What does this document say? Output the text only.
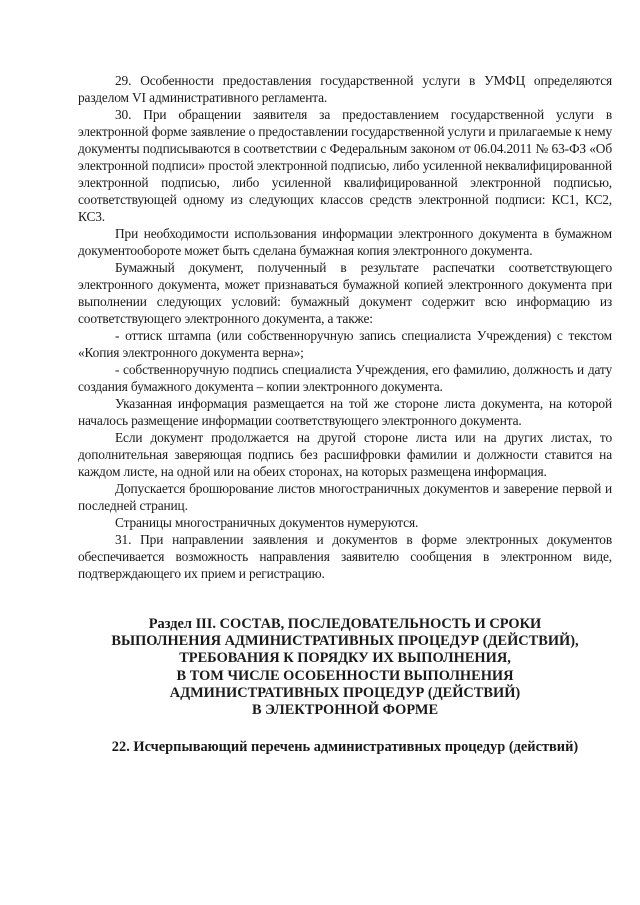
29. Особенности предоставления государственной услуги в УМФЦ определяются разделом VI административного регламента.

30. При обращении заявителя за предоставлением государственной услуги в электронной форме заявление о предоставлении государственной услуги и прилагаемые к нему документы подписываются в соответствии с Федеральным законом от 06.04.2011 № 63-ФЗ «Об электронной подписи» простой электронной подписью, либо усиленной неквалифицированной электронной подписью, либо усиленной квалифицированной электронной подписью, соответствующей одному из следующих классов средств электронной подписи: КС1, КС2, КС3.

При необходимости использования информации электронного документа в бумажном документообороте может быть сделана бумажная копия электронного документа.

Бумажный документ, полученный в результате распечатки соответствующего электронного документа, может признаваться бумажной копией электронного документа при выполнении следующих условий: бумажный документ содержит всю информацию из соответствующего электронного документа, а также:

- оттиск штампа (или собственноручную запись специалиста Учреждения) с текстом «Копия электронного документа верна»;

- собственноручную подпись специалиста Учреждения, его фамилию, должность и дату создания бумажного документа – копии электронного документа.

Указанная информация размещается на той же стороне листа документа, на которой началось размещение информации соответствующего электронного документа.

Если документ продолжается на другой стороне листа или на других листах, то дополнительная заверяющая подпись без расшифровки фамилии и должности ставится на каждом листе, на одной или на обеих сторонах, на которых размещена информация.

Допускается брошюрование листов многостраничных документов и заверение первой и последней страниц.

Страницы многостраничных документов нумеруются.

31. При направлении заявления и документов в форме электронных документов обеспечивается возможность направления заявителю сообщения в электронном виде, подтверждающего их прием и регистрацию.

Раздел III. СОСТАВ, ПОСЛЕДОВАТЕЛЬНОСТЬ И СРОКИ
ВЫПОЛНЕНИЯ АДМИНИСТРАТИВНЫХ ПРОЦЕДУР (ДЕЙСТВИЙ),
ТРЕБОВАНИЯ К ПОРЯДКУ ИХ ВЫПОЛНЕНИЯ,
В ТОМ ЧИСЛЕ ОСОБЕННОСТИ ВЫПОЛНЕНИЯ
АДМИНИСТРАТИВНЫХ ПРОЦЕДУР (ДЕЙСТВИЙ)
В ЭЛЕКТРОННОЙ ФОРМЕ
22. Исчерпывающий перечень административных процедур (действий)
